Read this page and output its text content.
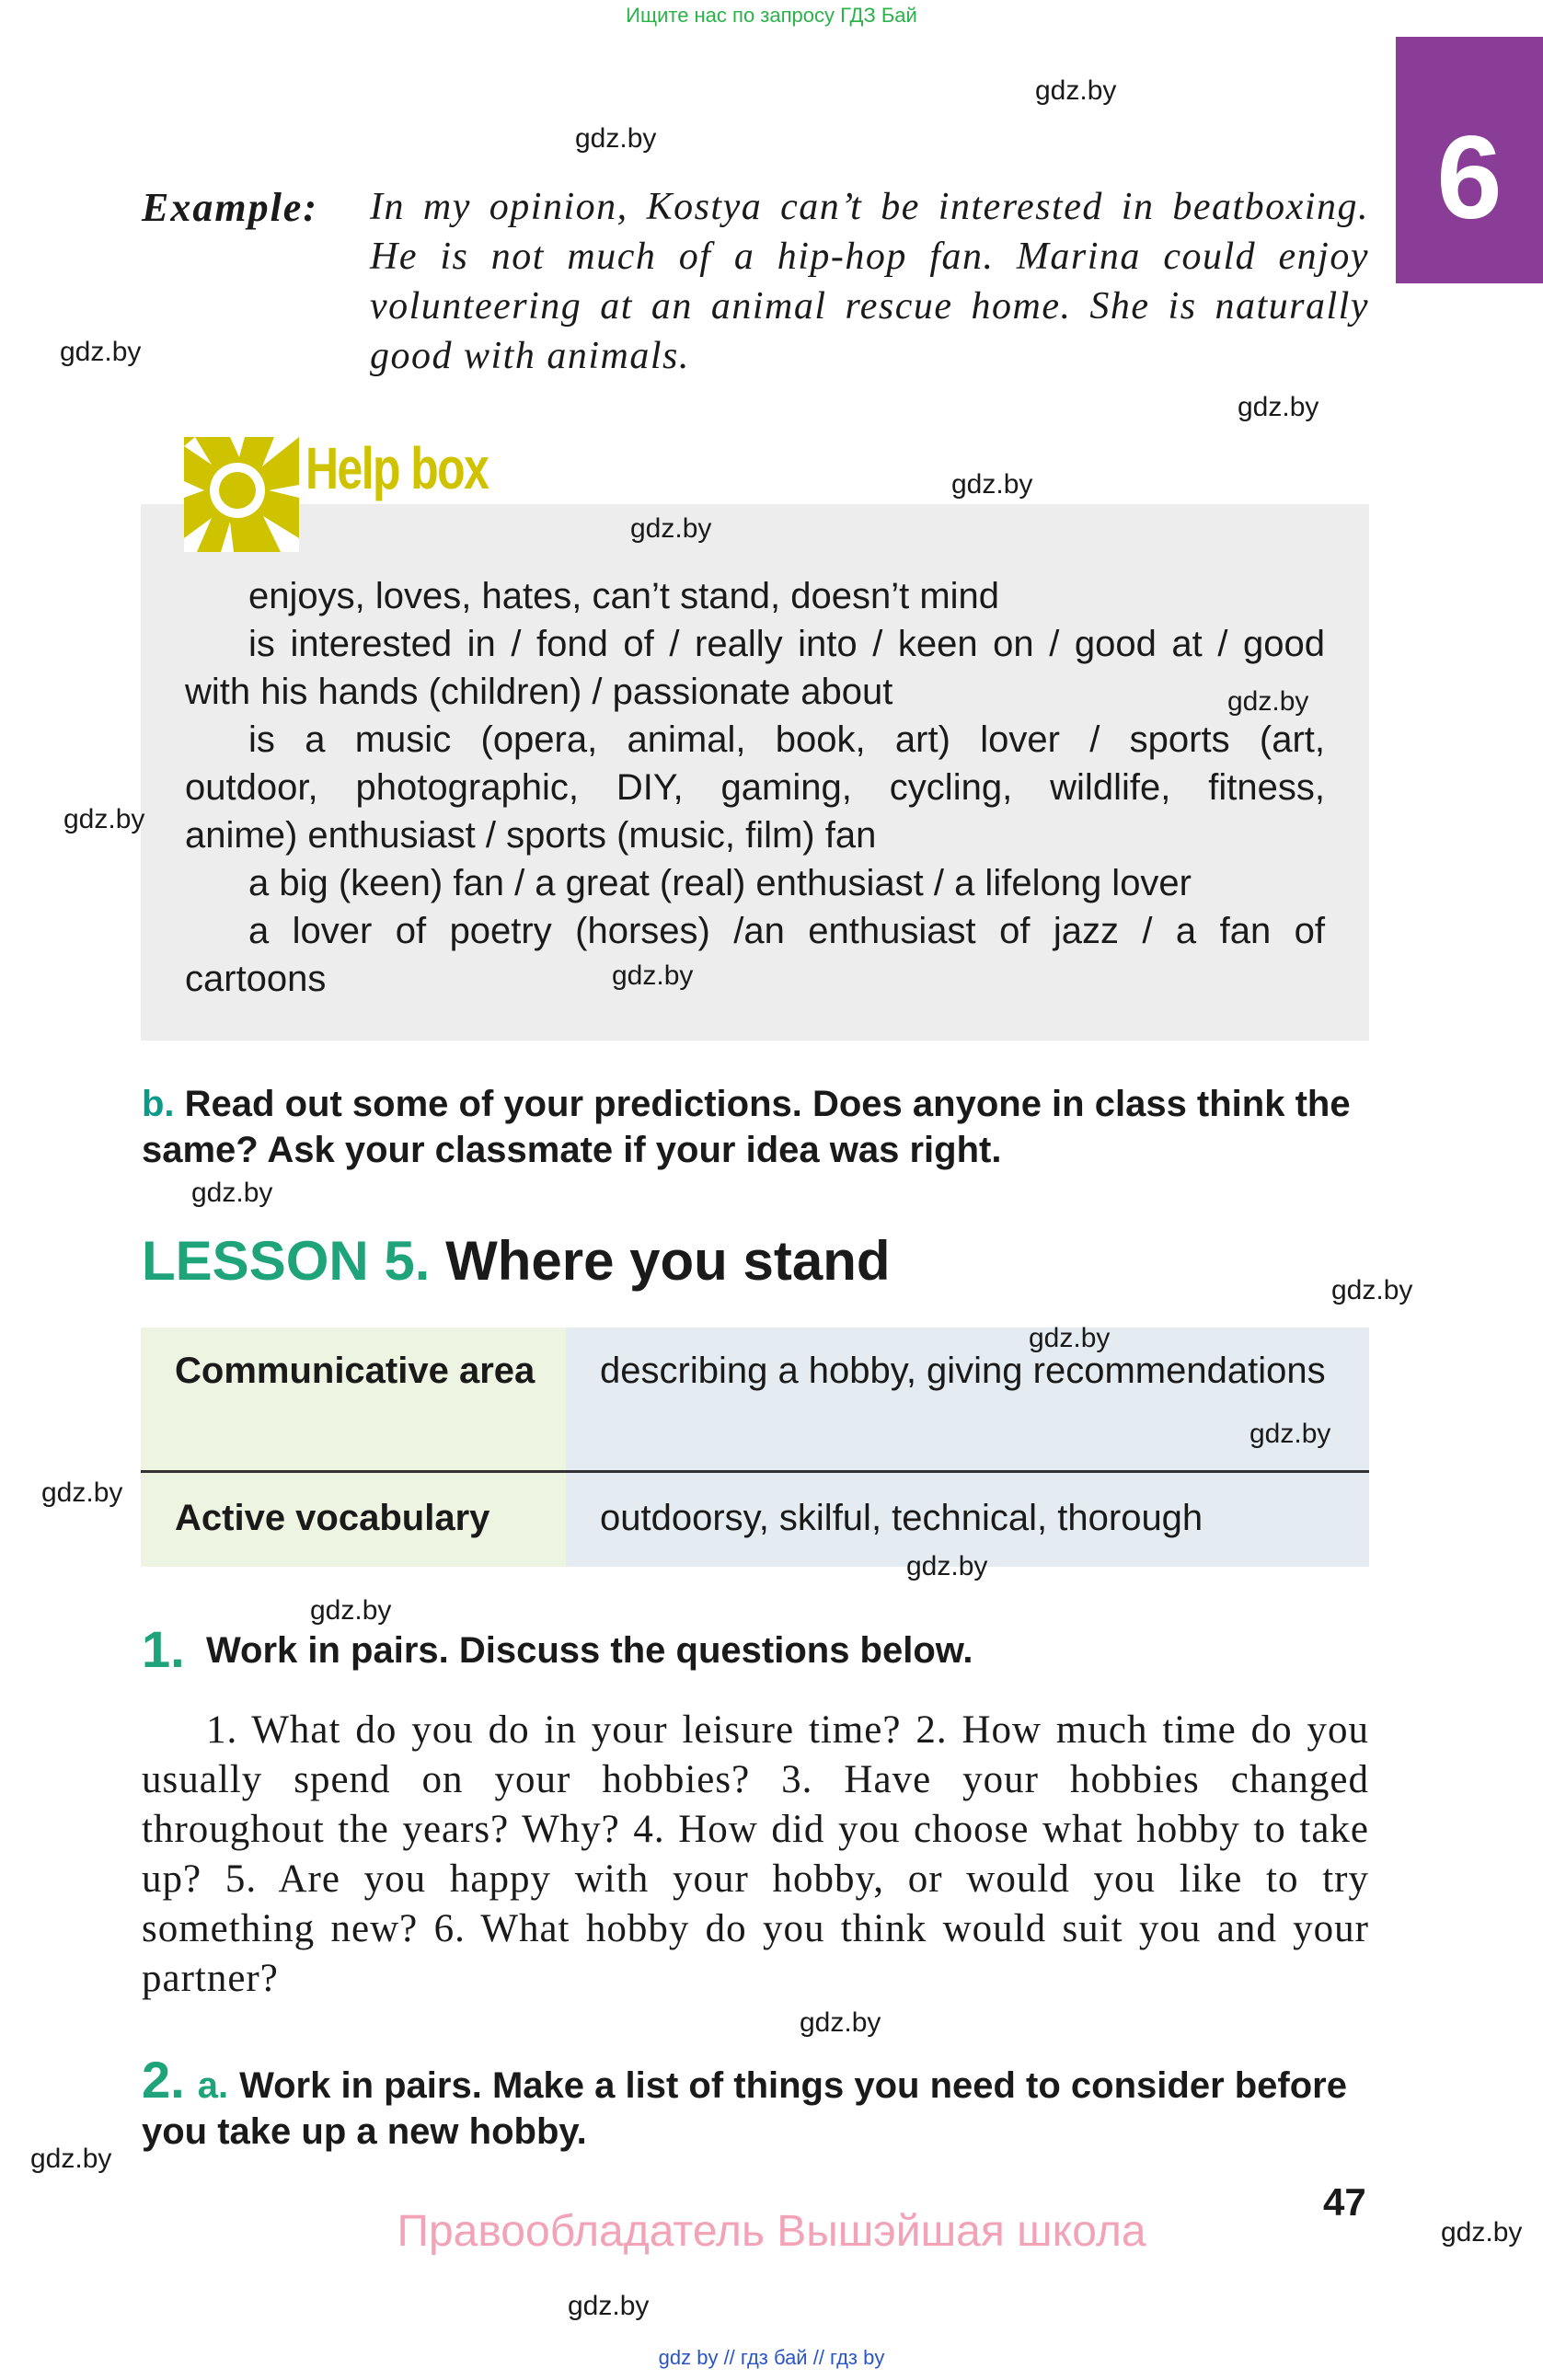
Ищите нас по запросу ГДЗ Бай
6
Example: In my opinion, Kostya can’t be interested in beatboxing. He is not much of a hip-hop fan. Marina could enjoy volunteering at an animal rescue home. She is naturally good with animals.
Help box
enjoys, loves, hates, can’t stand, doesn’t mind
is interested in / fond of / really into / keen on / good at / good
with his hands (children) / passionate about
is a music (opera, animal, book, art) lover / sports (art,
outdoor, photographic, DIY, gaming, cycling, wildlife, fitness,
anime) enthusiast / sports (music, film) fan
a big (keen) fan / a great (real) enthusiast / a lifelong lover
a lover of poetry (horses) /an enthusiast of jazz / a fan of
cartoons
b. Read out some of your predictions. Does anyone in class think the same? Ask your classmate if your idea was right.
LESSON 5. Where you stand
Communicative area describing a hobby, giving recommendations
Active vocabulary	outdoorsy, skilful, technical, thorough
1. Work in pairs. Discuss the questions below.
1. What do you do in your leisure time? 2. How much time do you usually spend on your hobbies? 3. Have your hobbies changed throughout the years? Why? 4. How did you choose what hobby to take up? 5. Are you happy with your hobby, or would you like to try something new? 6. What hobby do you think would suit you and your partner?
2. a. Work in pairs. Make a list of things you need to consider before you take up a new hobby.
47
Правообладатель Вышэйшая школа
gdz.by
gdz.by
gdz.by
gdz.by
gdz.by
gdz.by
gdz.by
gdz.by
gdz.by
gdz.by
gdz.by
gdz.by
gdz.by
gdz.by
gdz.by
gdz.by
gdz.by
gdz.by
gdz.by
gdz.by
gdz by // гдз бай // гдз by
